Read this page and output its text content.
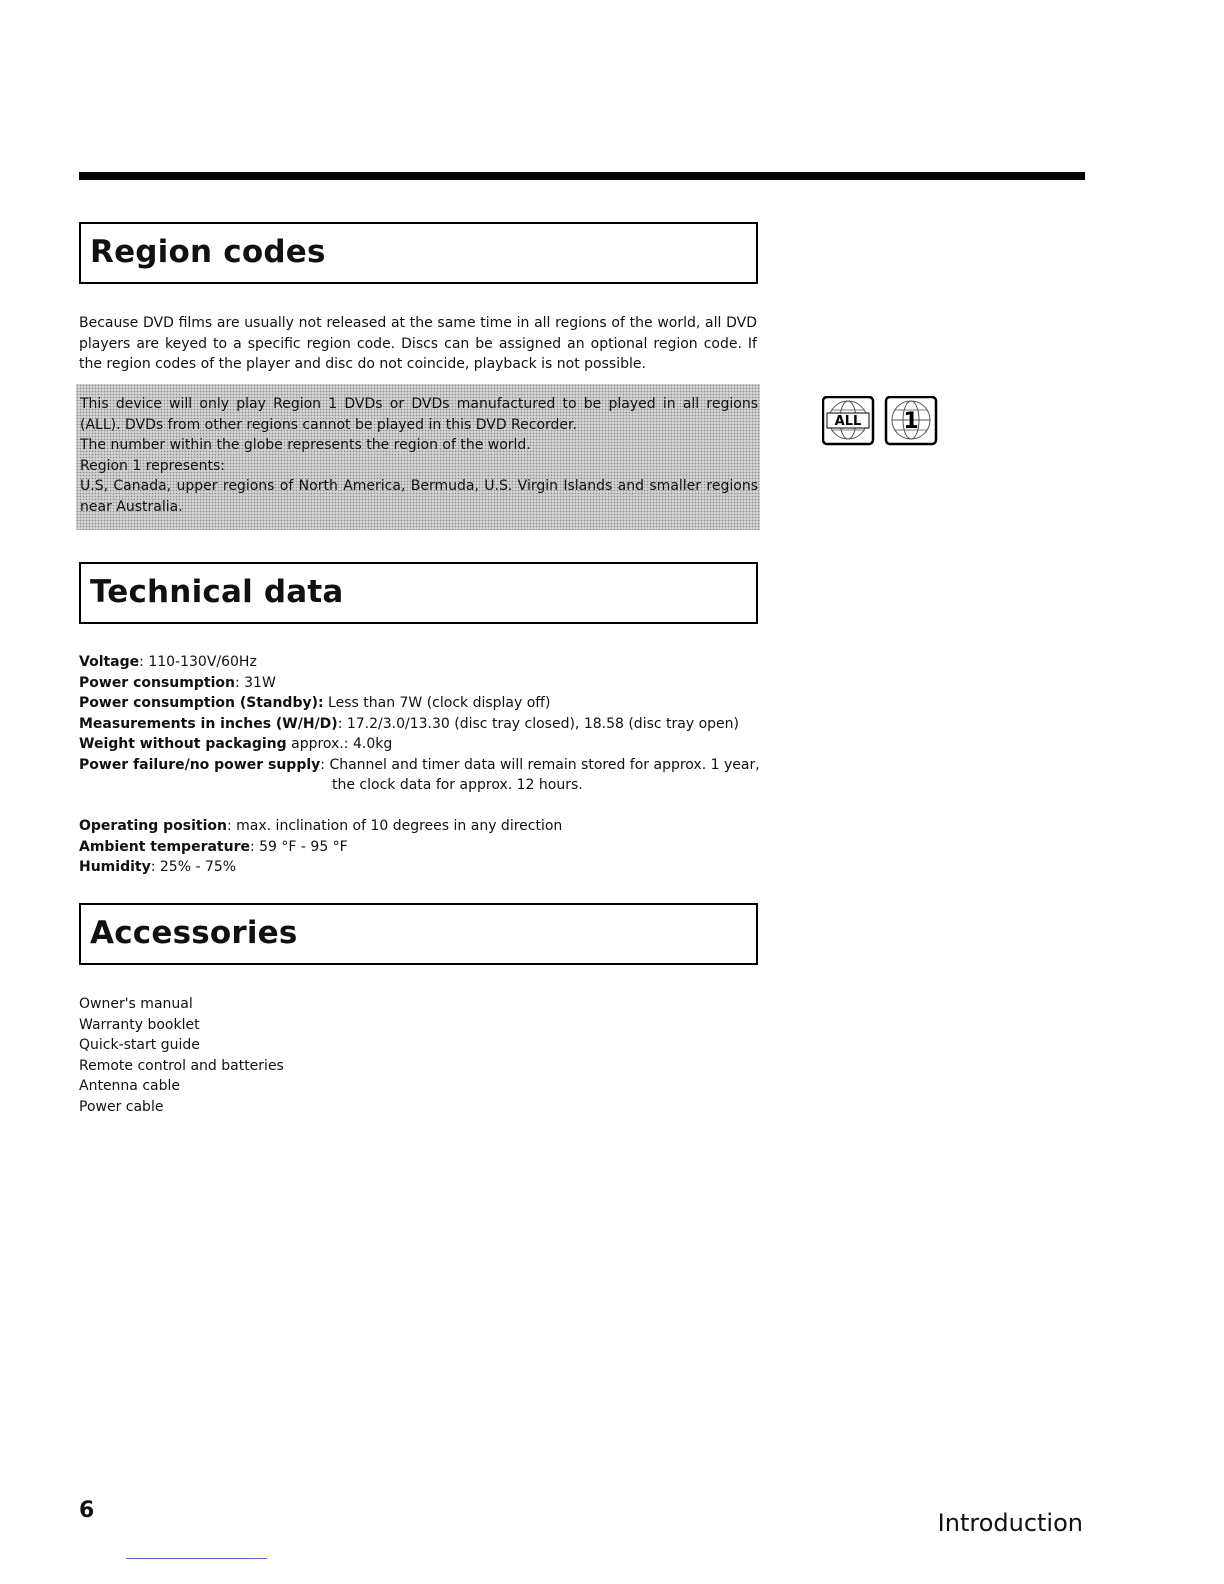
Region codes

Because DVD films are usually not released at the same time in all regions of the world, all DVD players are keyed to a specific region code. Discs can be assigned an optional region code. If the region codes of the player and disc do not coincide, playback is not possible.

This device will only play Region 1 DVDs or DVDs manufactured to be played in all regions
(ALL). DVDs from other regions cannot be played in this DVD Recorder.
The number within the globe represents the region of the world.
Region 1 represents:
U.S, Canada, upper regions of North America, Bermuda, U.S. Virgin Islands and smaller regions
near Australia.
ALL 1
Technical data
Voltage: 110-130V/60Hz
Power consumption: 31W
Power consumption (Standby): Less than 7W (clock display off)
Measurements in inches (W/H/D): 17.2/3.0/13.30 (disc tray closed), 18.58 (disc tray open)
Weight without packaging approx.: 4.0kg
Power failure/no power supply: Channel and timer data will remain stored for approx. 1 year,
the clock data for approx. 12 hours.
Operating position: max. inclination of 10 degrees in any direction
Ambient temperature: 59 °F - 95 °F
Humidity: 25% - 75%
Accessories
Owner's manual
Warranty booklet
Quick-start guide
Remote control and batteries
Antenna cable
Power cable
6	Introduction
